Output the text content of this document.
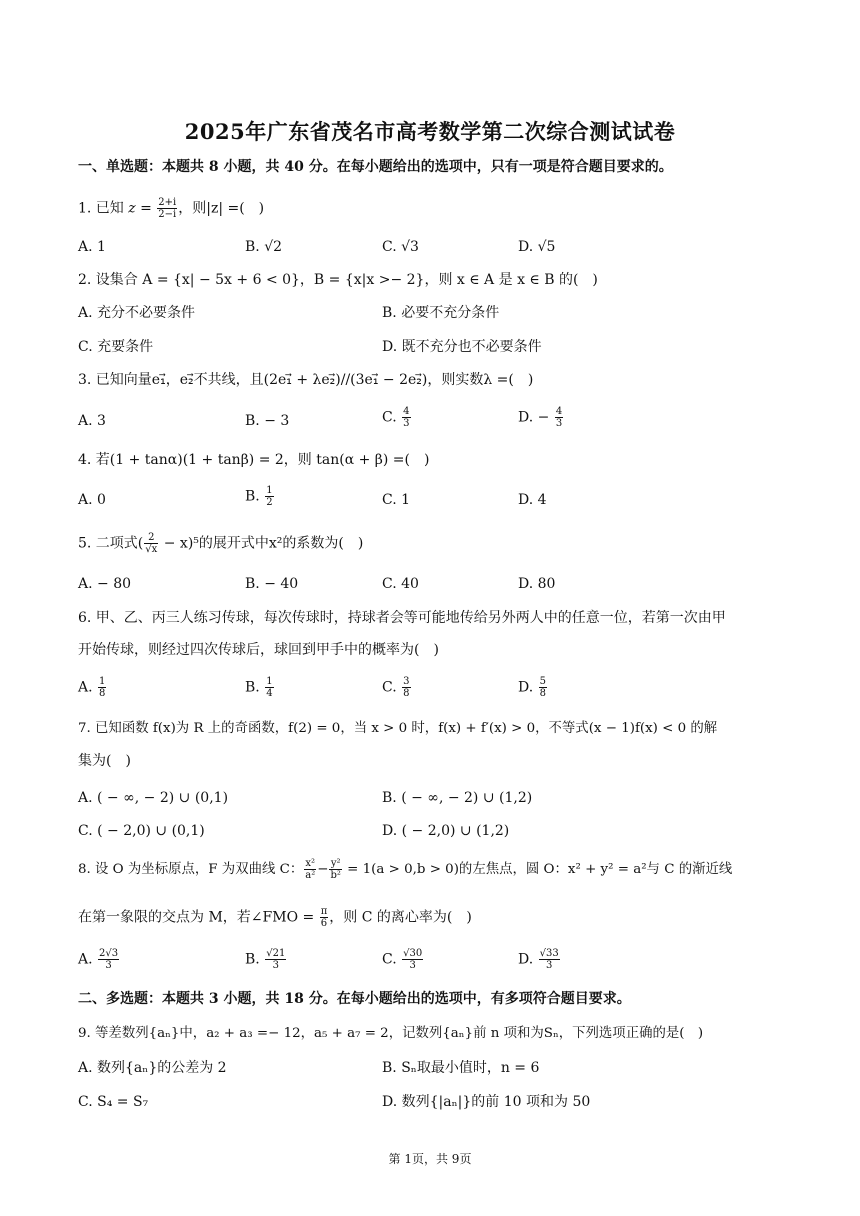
2025年广东省茂名市高考数学第二次综合测试试卷
一、单选题：本题共 8 小题，共 40 分。在每小题给出的选项中，只有一项是符合题目要求的。
1. 已知 $z = \frac{2+i}{2-i}$ ，则|z| =(　)
A. 1	B. √2	C. √3	D. √5
2. 设集合 A = {x| − 5x + 6 < 0}，B = {x|x >− 2}，则 x ∈ A 是 x ∈ B 的(　)
A. 充分不必要条件	B. 必要不充分条件
C. 充要条件	D. 既不充分也不必要条件
3. 已知向量e₁⃗，e₂⃗不共线，且(2e₁⃗ + λe₂⃗)//(3e₁⃗ − 2e₂⃗)，则实数λ =(　)
A. 3	B. − 3	C. $\frac{4}{3}$	D. − $\frac{4}{3}$
4. 若(1 + tanα)(1 + tanβ) = 2，则 tan(α + β) =(　)
A. 0	B. $\frac{1}{2}$	C. 1	D. 4
5. 二项式( $\frac{2}{√x} - x)^5$的展开式中x²的系数为(　)
A. − 80	B. − 40	C. 40	D. 80
6. 甲、乙、丙三人练习传球，每次传球时，持球者会等可能地传给另外两人中的任意一位，若第一次由甲
开始传球，则经过四次传球后，球回到甲手中的概率为(　)
A. $\frac{1}{8}$	B. $\frac{1}{4}$	C. $\frac{3}{8}$	D. $\frac{5}{8}$
7. 已知函数 f(x)为 R 上的奇函数，f(2) = 0，当 x > 0 时，f(x) + f′(x) > 0，不等式(x − 1)f(x) < 0 的解
集为(　)
A. ( − ∞, − 2) ∪ (0,1)	B. ( − ∞, − 2) ∪ (1,2)
C. ( − 2,0) ∪ (0,1)	D. ( − 2,0) ∪ (1,2)
8. 设 O 为坐标原点，F 为双曲线 C： $\frac{\text{x²}}{\text{a²}} - \frac{\text{y²}}{\text{b²}} = 1(a > 0,b > 0)$的左焦点，圆 O：x² + y² = a²与 C 的渐近线
在第一象限的交点为 M，若∠FMO = $\frac{\pi}{6}$ ，则 C 的离心率为(　)
A. $\frac{2√3}{3}$	B. $\frac{√21}{3}$	C. $\frac{√30}{3}$	D. $\frac{√33}{3}$
二、多选题：本题共 3 小题，共 18 分。在每小题给出的选项中，有多项符合题目要求。
9. 等差数列{aₙ}中，a₂ + a₃ =− 12，a₅ + a₇ = 2，记数列{aₙ}前 n 项和为Sₙ，下列选项正确的是(　)
A. 数列{aₙ}的公差为 2	B. Sₙ取最小值时，n = 6
C. S₄ = S₇	D. 数列{|aₙ|}的前 10 项和为 50
第 1页，共 9页
